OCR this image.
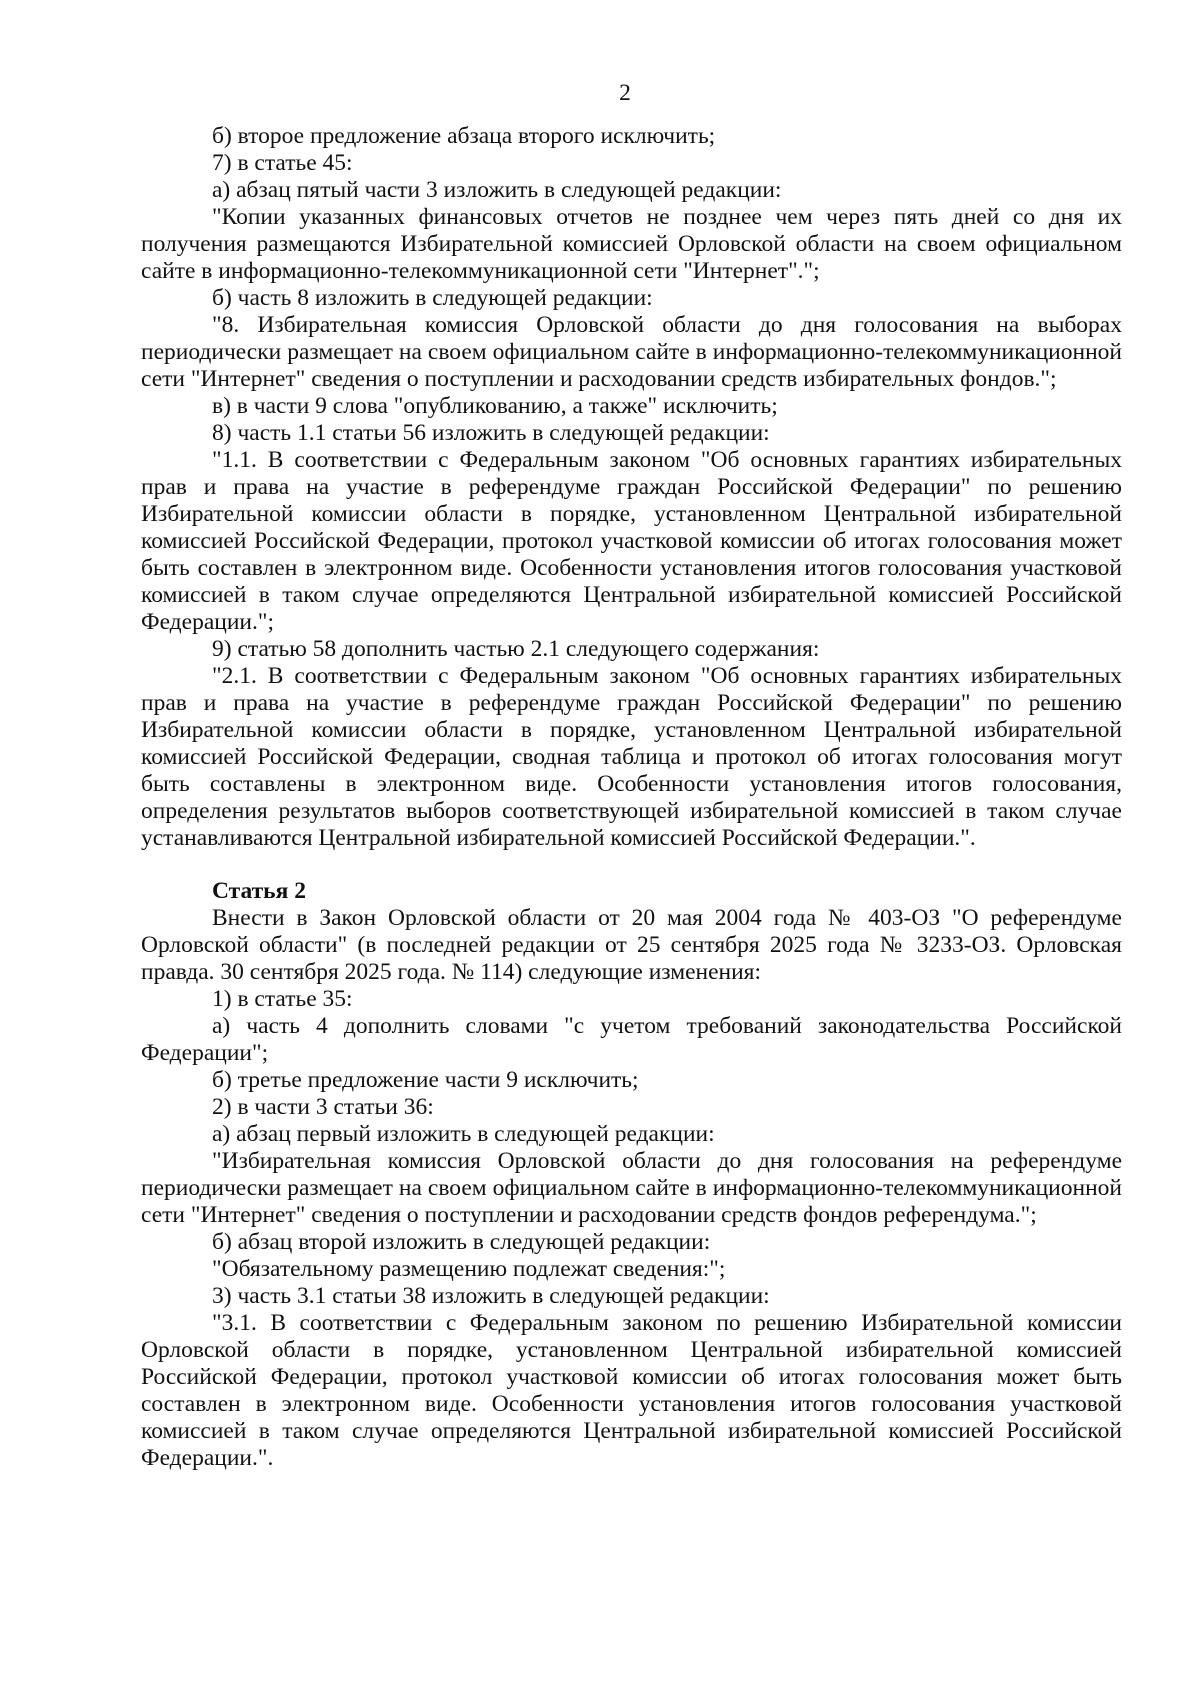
2

б) второе предложение абзаца второго исключить;

7) в статье 45:

а) абзац пятый части 3 изложить в следующей редакции:

"Копии указанных финансовых отчетов не позднее чем через пять дней со дня их получения размещаются Избирательной комиссией Орловской области на своем официальном сайте в информационно-телекоммуникационной сети "Интернет".";

б) часть 8 изложить в следующей редакции:

"8. Избирательная комиссия Орловской области до дня голосования на выборах периодически размещает на своем официальном сайте в информационно-телекоммуникационной сети "Интернет" сведения о поступлении и расходовании средств избирательных фондов.";

в) в части 9 слова "опубликованию, а также" исключить;

8) часть 1.1 статьи 56 изложить в следующей редакции:

"1.1. В соответствии с Федеральным законом "Об основных гарантиях избирательных прав и права на участие в референдуме граждан Российской Федерации" по решению Избирательной комиссии области в порядке, установленном Центральной избирательной комиссией Российской Федерации, протокол участковой комиссии об итогах голосования может быть составлен в электронном виде. Особенности установления итогов голосования участковой комиссией в таком случае определяются Центральной избирательной комиссией Российской Федерации.";

9) статью 58 дополнить частью 2.1 следующего содержания:

"2.1. В соответствии с Федеральным законом "Об основных гарантиях избирательных прав и права на участие в референдуме граждан Российской Федерации" по решению Избирательной комиссии области в порядке, установленном Центральной избирательной комиссией Российской Федерации, сводная таблица и протокол об итогах голосования могут быть составлены в электронном виде. Особенности установления итогов голосования, определения результатов выборов соответствующей избирательной комиссией в таком случае устанавливаются Центральной избирательной комиссией Российской Федерации.".

Статья 2

Внести в Закон Орловской области от 20 мая 2004 года № 403-ОЗ "О референдуме Орловской области" (в последней редакции от 25 сентября 2025 года № 3233-ОЗ. Орловская правда. 30 сентября 2025 года. № 114) следующие изменения:

1) в статье 35:

а) часть 4 дополнить словами "с учетом требований законодательства Российской Федерации";

б) третье предложение части 9 исключить;

2) в части 3 статьи 36:

а) абзац первый изложить в следующей редакции:

"Избирательная комиссия Орловской области до дня голосования на референдуме периодически размещает на своем официальном сайте в информационно-телекоммуникационной сети "Интернет" сведения о поступлении и расходовании средств фондов референдума.";

б) абзац второй изложить в следующей редакции:

"Обязательному размещению подлежат сведения:";

3) часть 3.1 статьи 38 изложить в следующей редакции:

"3.1. В соответствии с Федеральным законом по решению Избирательной комиссии Орловской области в порядке, установленном Центральной избирательной комиссией Российской Федерации, протокол участковой комиссии об итогах голосования может быть составлен в электронном виде. Особенности установления итогов голосования участковой комиссией в таком случае определяются Центральной избирательной комиссией Российской Федерации.".
